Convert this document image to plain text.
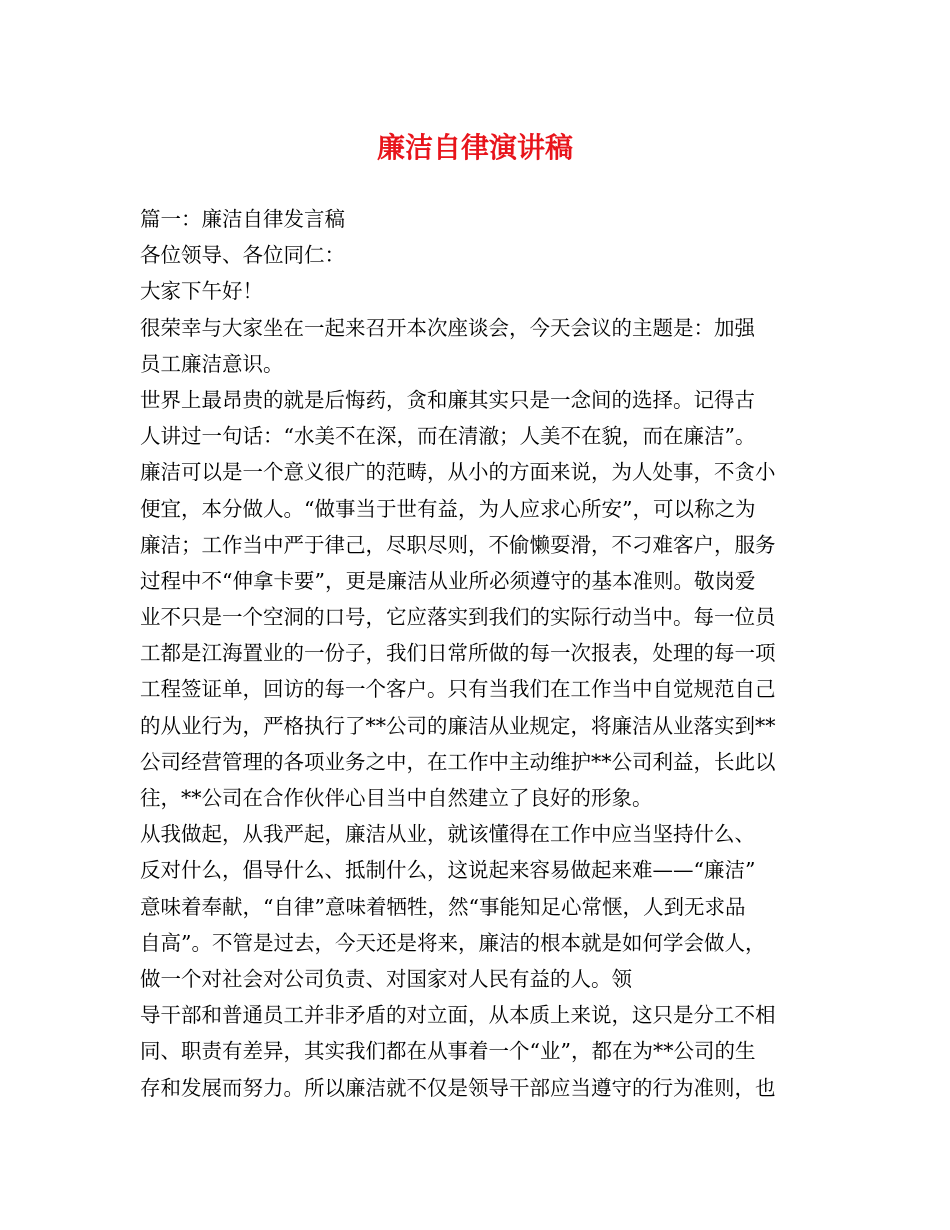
廉洁自律演讲稿
篇一：廉洁自律发言稿
各位领导、各位同仁：
大家下午好！
很荣幸与大家坐在一起来召开本次座谈会，今天会议的主题是：加强
员工廉洁意识。
世界上最昂贵的就是后悔药，贪和廉其实只是一念间的选择。记得古
人讲过一句话：“水美不在深，而在清澈；人美不在貌，而在廉洁”。
廉洁可以是一个意义很广的范畴，从小的方面来说，为人处事，不贪小
便宜，本分做人。“做事当于世有益，为人应求心所安”，可以称之为
廉洁；工作当中严于律己，尽职尽则，不偷懒耍滑，不刁难客户，服务
过程中不“伸拿卡要”，更是廉洁从业所必须遵守的基本准则。敬岗爱
业不只是一个空洞的口号，它应落实到我们的实际行动当中。每一位员
工都是江海置业的一份子，我们日常所做的每一次报表，处理的每一项
工程签证单，回访的每一个客户。只有当我们在工作当中自觉规范自己
的从业行为，严格执行了**公司的廉洁从业规定，将廉洁从业落实到**
公司经营管理的各项业务之中，在工作中主动维护**公司利益，长此以
往，**公司在合作伙伴心目当中自然建立了良好的形象。
从我做起，从我严起，廉洁从业，就该懂得在工作中应当坚持什么、
反对什么，倡导什么、抵制什么，这说起来容易做起来难——“廉洁”
意味着奉献，“自律”意味着牺牲，然“事能知足心常惬，人到无求品
自高”。不管是过去，今天还是将来，廉洁的根本就是如何学会做人，
做一个对社会对公司负责、对国家对人民有益的人。领
导干部和普通员工并非矛盾的对立面，从本质上来说，这只是分工不相
同、职责有差异，其实我们都在从事着一个“业”，都在为**公司的生
存和发展而努力。所以廉洁就不仅是领导干部应当遵守的行为准则，也
